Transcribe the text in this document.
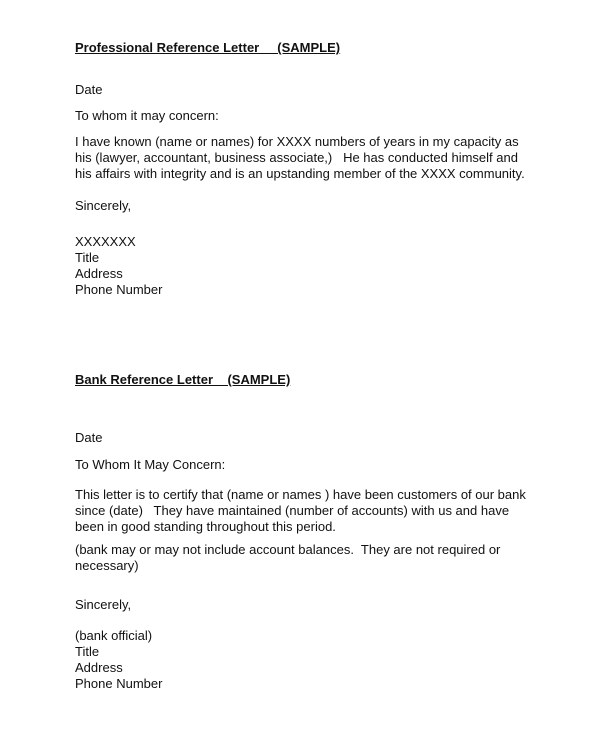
Professional Reference Letter     (SAMPLE)

Date

To whom it may concern:

I have known (name or names) for XXXX numbers of years in my capacity as his (lawyer, accountant, business associate,)   He has conducted himself and his affairs with integrity and is an upstanding member of the XXXX community.

Sincerely,

XXXXXXX
Title
Address
Phone Number
Bank Reference Letter    (SAMPLE)

Date

To Whom It May Concern:

This letter is to certify that (name or names ) have been customers of our bank since (date)   They have maintained (number of accounts) with us and have been in good standing throughout this period.

(bank may or may not include account balances.  They are not required or necessary)

Sincerely,

(bank official)
Title
Address
Phone Number
